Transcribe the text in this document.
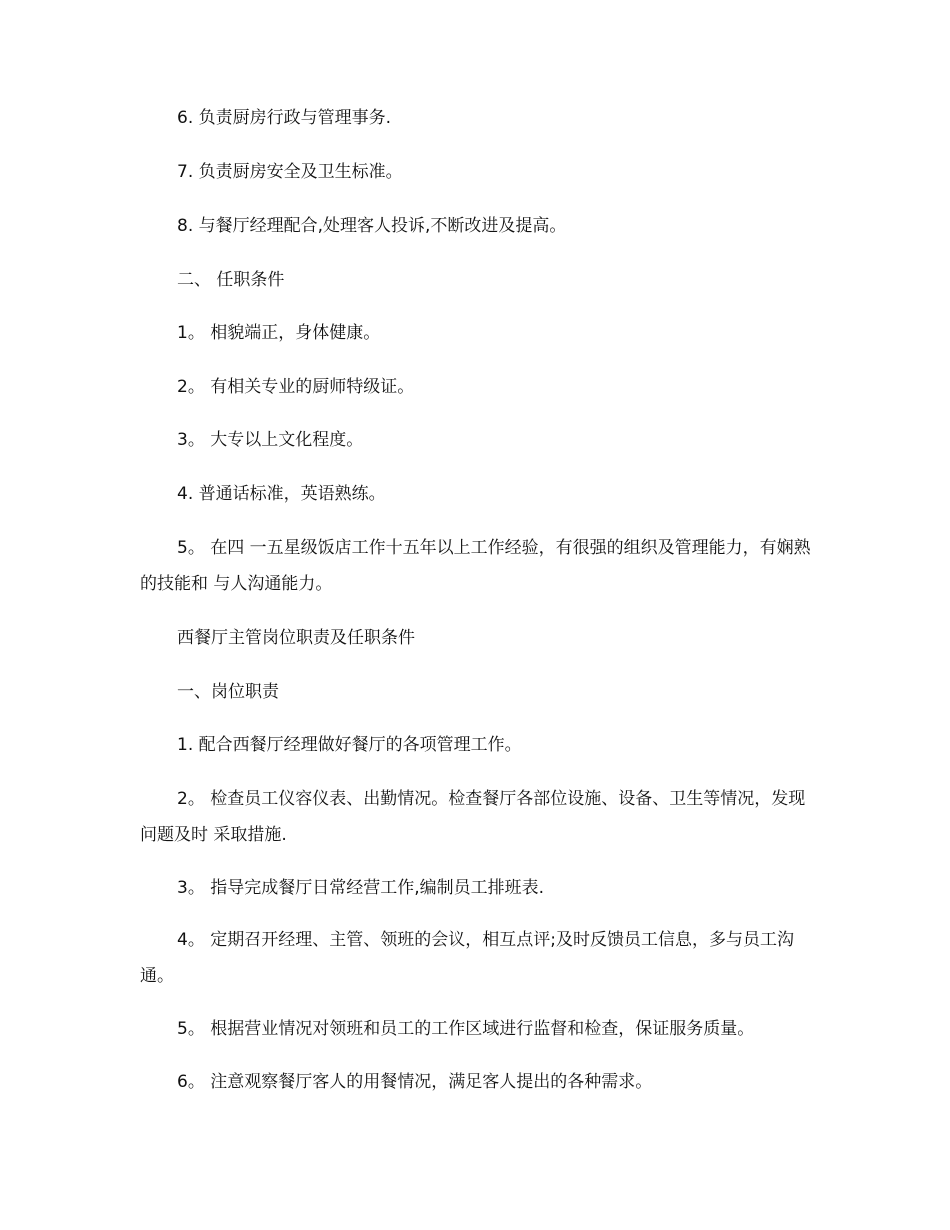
6. 负责厨房行政与管理事务.

7. 负责厨房安全及卫生标准。

8. 与餐厅经理配合,处理客人投诉,不断改进及提高。

二、 任职条件

1。 相貌端正，身体健康。

2。 有相关专业的厨师特级证。

3。 大专以上文化程度。

4. 普通话标准，英语熟练。

5。 在四 一五星级饭店工作十五年以上工作经验，有很强的组织及管理能力，有娴熟的技能和 与人沟通能力。

西餐厅主管岗位职责及任职条件

一、岗位职责

1. 配合西餐厅经理做好餐厅的各项管理工作。

2。 检查员工仪容仪表、出勤情况。检查餐厅各部位设施、设备、卫生等情况，发现问题及时 采取措施.

3。 指导完成餐厅日常经营工作,编制员工排班表.

4。 定期召开经理、主管、领班的会议，相互点评;及时反馈员工信息，多与员工沟通。

5。 根据营业情况对领班和员工的工作区域进行监督和检查，保证服务质量。

6。 注意观察餐厅客人的用餐情况，满足客人提出的各种需求。
